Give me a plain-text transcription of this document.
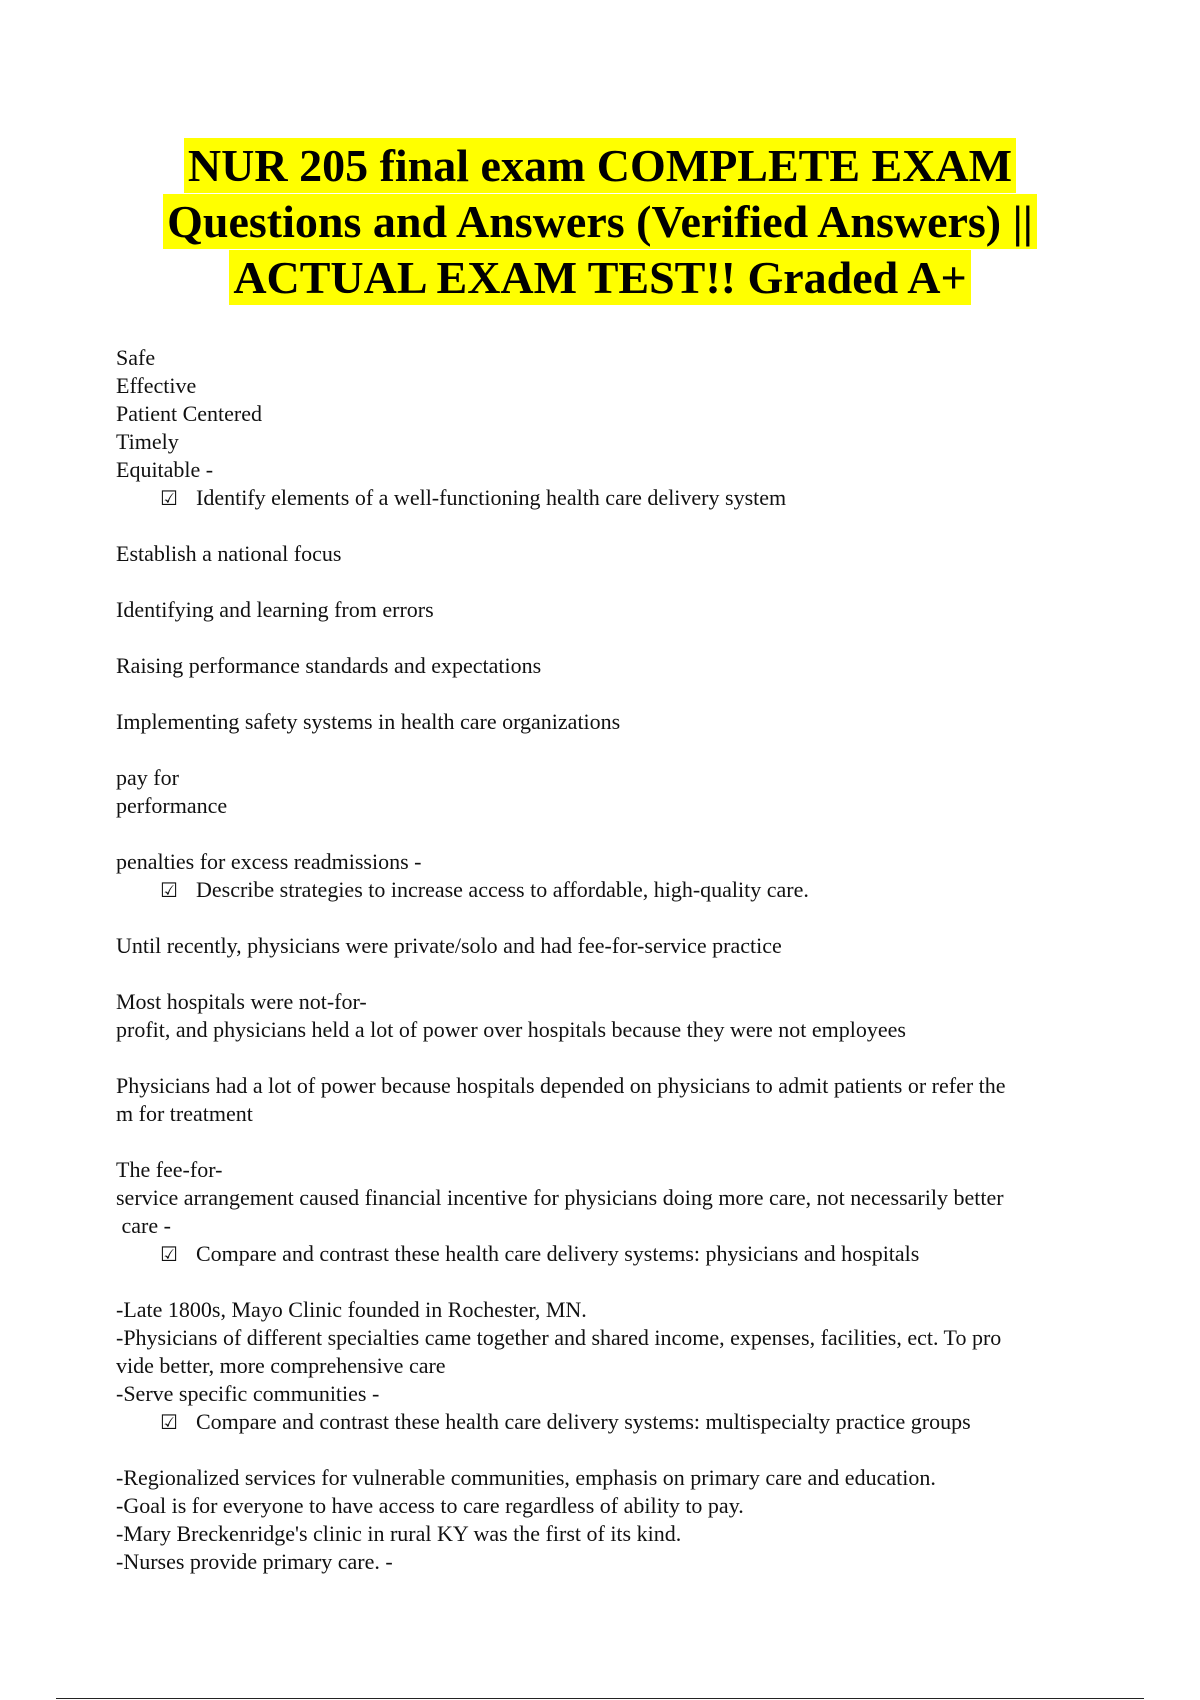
NUR 205 final exam COMPLETE EXAM
Questions and Answers (Verified Answers) ||
ACTUAL EXAM TEST!! Graded A+
Safe
Effective
Patient Centered
Timely
Equitable -
☑ Identify elements of a well-functioning health care delivery system
Establish a national focus
Identifying and learning from errors
Raising performance standards and expectations
Implementing safety systems in health care organizations
pay for
performance
penalties for excess readmissions -
☑ Describe strategies to increase access to affordable, high-quality care.
Until recently, physicians were private/solo and had fee-for-service practice
Most hospitals were not-for-
profit, and physicians held a lot of power over hospitals because they were not employees
Physicians had a lot of power because hospitals depended on physicians to admit patients or refer the
m for treatment
The fee-for-
service arrangement caused financial incentive for physicians doing more care, not necessarily better
care -
☑ Compare and contrast these health care delivery systems: physicians and hospitals
-Late 1800s, Mayo Clinic founded in Rochester, MN.
-Physicians of different specialties came together and shared income, expenses, facilities, ect. To pro
vide better, more comprehensive care
-Serve specific communities -
☑ Compare and contrast these health care delivery systems: multispecialty practice groups
-Regionalized services for vulnerable communities, emphasis on primary care and education.
-Goal is for everyone to have access to care regardless of ability to pay.
-Mary Breckenridge's clinic in rural KY was the first of its kind.
-Nurses provide primary care. -
